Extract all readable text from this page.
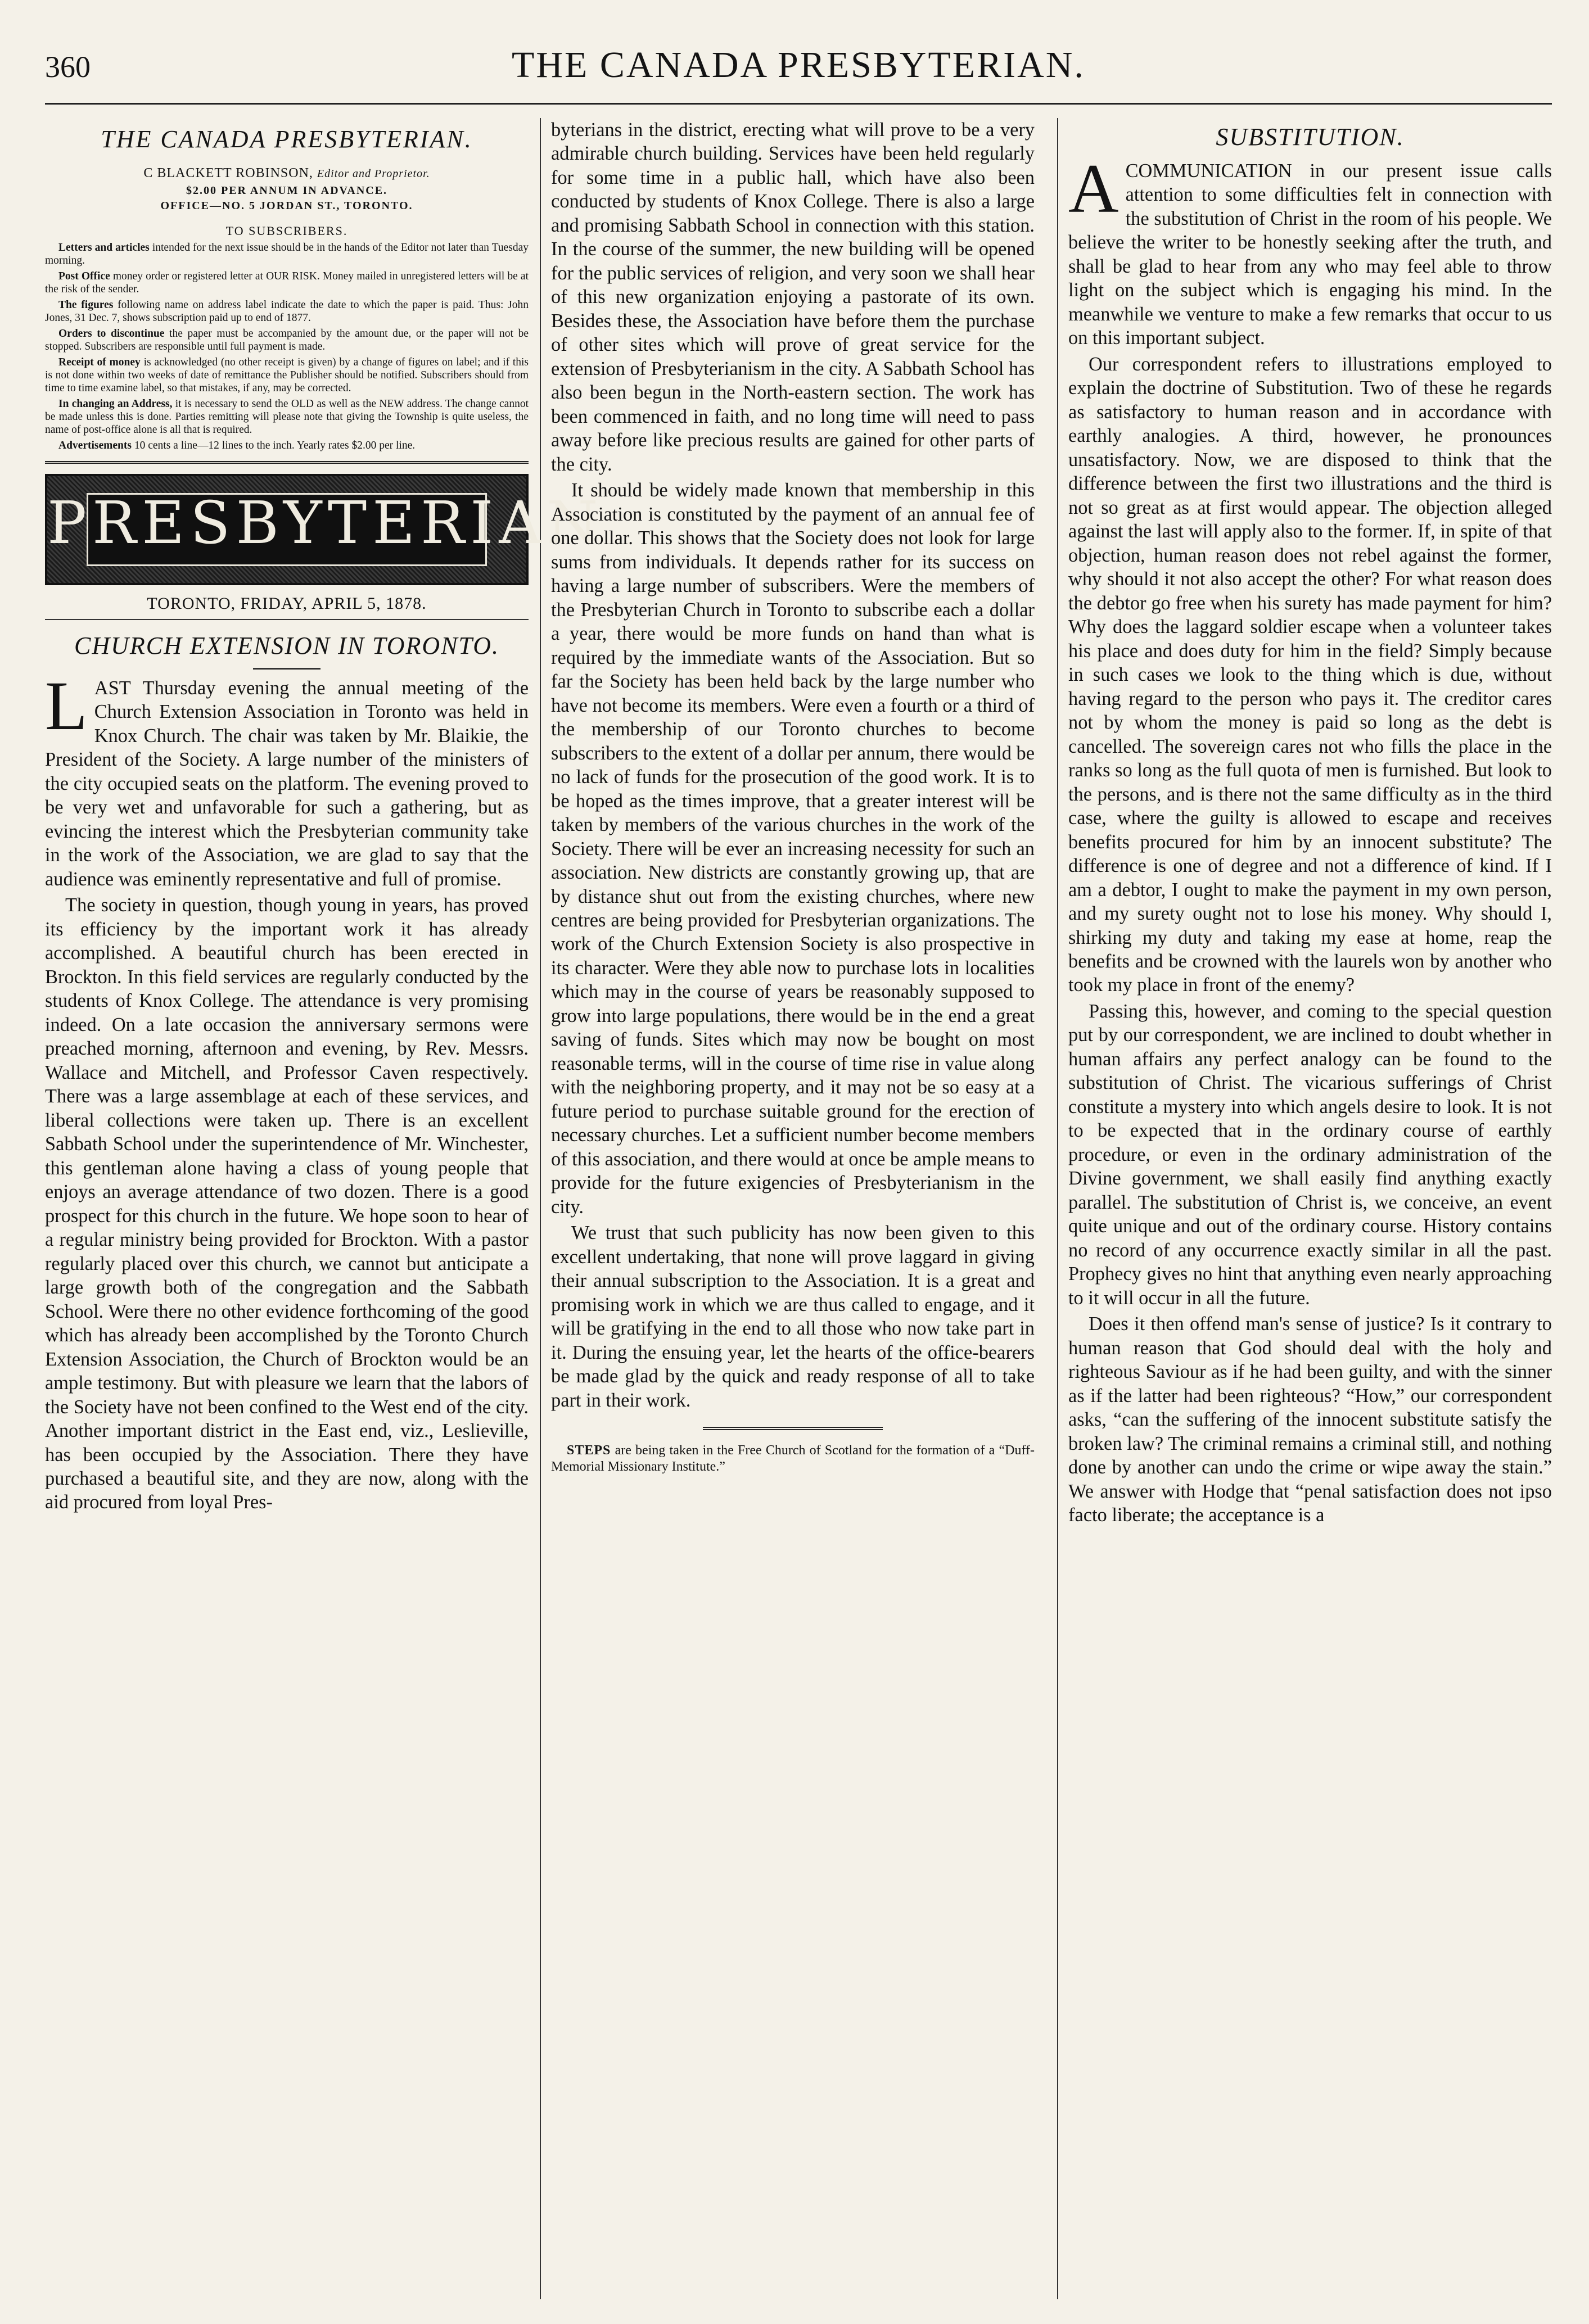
360	THE CANADA PRESBYTERIAN.
THE CANADA PRESBYTERIAN.
C BLACKETT ROBINSON, Editor and Proprietor.
$2.00 PER ANNUM IN ADVANCE.
OFFICE—NO. 5 JORDAN ST., TORONTO.
TO SUBSCRIBERS.

Letters and articles intended for the next issue should be in the hands of the Editor not later than Tuesday morning.

Post Office money order or registered letter at OUR RISK. Money mailed in unregistered letters will be at the risk of the sender.

The figures following name on address label indicate the date to which the paper is paid. Thus: John Jones, 31 Dec. 7, shows subscription paid up to end of 1877.

Orders to discontinue the paper must be accompanied by the amount due, or the paper will not be stopped. Subscribers are responsible until full payment is made.

Receipt of money is acknowledged (no other receipt is given) by a change of figures on label; and if this is not done within two weeks of date of remittance the Publisher should be notified. Subscribers should from time to time examine label, so that mistakes, if any, may be corrected.

In changing an Address, it is necessary to send the OLD as well as the NEW address. The change cannot be made unless this is done. Parties remitting will please note that giving the Township is quite useless, the name of post-office alone is all that is required.

Advertisements 10 cents a line—12 lines to the inch. Yearly rates $2.00 per line.

PRESBYTERIAN
TORONTO, FRIDAY, APRIL 5, 1878.
CHURCH EXTENSION IN TORONTO.

LAST Thursday evening the annual meeting of the Church Extension Association in Toronto was held in Knox Church. The chair was taken by Mr. Blaikie, the President of the Society. A large number of the ministers of the city occupied seats on the platform. The evening proved to be very wet and unfavorable for such a gathering, but as evincing the interest which the Presbyterian community take in the work of the Association, we are glad to say that the audience was eminently representative and full of promise.

The society in question, though young in years, has proved its efficiency by the important work it has already accomplished. A beautiful church has been erected in Brockton. In this field services are regularly conducted by the students of Knox College. The attendance is very promising indeed. On a late occasion the anniversary sermons were preached morning, afternoon and evening, by Rev. Messrs. Wallace and Mitchell, and Professor Caven respectively. There was a large assemblage at each of these services, and liberal collections were taken up. There is an excellent Sabbath School under the superintendence of Mr. Winchester, this gentleman alone having a class of young people that enjoys an average attendance of two dozen. There is a good prospect for this church in the future. We hope soon to hear of a regular ministry being provided for Brockton. With a pastor regularly placed over this church, we cannot but anticipate a large growth both of the congregation and the Sabbath School. Were there no other evidence forthcoming of the good which has already been accomplished by the Toronto Church Extension Association, the Church of Brockton would be an ample testimony. But with pleasure we learn that the labors of the Society have not been confined to the West end of the city. Another important district in the East end, viz., Leslieville, has been occupied by the Association. There they have purchased a beautiful site, and they are now, along with the aid procured from loyal Pres-

byterians in the district, erecting what will prove to be a very admirable church building. Services have been held regularly for some time in a public hall, which have also been conducted by students of Knox College. There is also a large and promising Sabbath School in connection with this station. In the course of the summer, the new building will be opened for the public services of religion, and very soon we shall hear of this new organization enjoying a pastorate of its own. Besides these, the Association have before them the purchase of other sites which will prove of great service for the extension of Presbyterianism in the city. A Sabbath School has also been begun in the North-eastern section. The work has been commenced in faith, and no long time will need to pass away before like precious results are gained for other parts of the city.

It should be widely made known that membership in this Association is constituted by the payment of an annual fee of one dollar. This shows that the Society does not look for large sums from individuals. It depends rather for its success on having a large number of subscribers. Were the members of the Presbyterian Church in Toronto to subscribe each a dollar a year, there would be more funds on hand than what is required by the immediate wants of the Association. But so far the Society has been held back by the large number who have not become its members. Were even a fourth or a third of the membership of our Toronto churches to become subscribers to the extent of a dollar per annum, there would be no lack of funds for the prosecution of the good work. It is to be hoped as the times improve, that a greater interest will be taken by members of the various churches in the work of the Society. There will be ever an increasing necessity for such an association. New districts are constantly growing up, that are by distance shut out from the existing churches, where new centres are being provided for Presbyterian organizations. The work of the Church Extension Society is also prospective in its character. Were they able now to purchase lots in localities which may in the course of years be reasonably supposed to grow into large populations, there would be in the end a great saving of funds. Sites which may now be bought on most reasonable terms, will in the course of time rise in value along with the neighboring property, and it may not be so easy at a future period to purchase suitable ground for the erection of necessary churches. Let a sufficient number become members of this association, and there would at once be ample means to provide for the future exigencies of Presbyterianism in the city.

We trust that such publicity has now been given to this excellent undertaking, that none will prove laggard in giving their annual subscription to the Association. It is a great and promising work in which we are thus called to engage, and it will be gratifying in the end to all those who now take part in it. During the ensuing year, let the hearts of the office-bearers be made glad by the quick and ready response of all to take part in their work.

STEPS are being taken in the Free Church of Scotland for the formation of a “Duff-Memorial Missionary Institute.”

SUBSTITUTION.

ACOMMUNICATION in our present issue calls attention to some difficulties felt in connection with the substitution of Christ in the room of his people. We believe the writer to be honestly seeking after the truth, and shall be glad to hear from any who may feel able to throw light on the subject which is engaging his mind. In the meanwhile we venture to make a few remarks that occur to us on this important subject.

Our correspondent refers to illustrations employed to explain the doctrine of Substitution. Two of these he regards as satisfactory to human reason and in accordance with earthly analogies. A third, however, he pronounces unsatisfactory. Now, we are disposed to think that the difference between the first two illustrations and the third is not so great as at first would appear. The objection alleged against the last will apply also to the former. If, in spite of that objection, human reason does not rebel against the former, why should it not also accept the other? For what reason does the debtor go free when his surety has made payment for him? Why does the laggard soldier escape when a volunteer takes his place and does duty for him in the field? Simply because in such cases we look to the thing which is due, without having regard to the person who pays it. The creditor cares not by whom the money is paid so long as the debt is cancelled. The sovereign cares not who fills the place in the ranks so long as the full quota of men is furnished. But look to the persons, and is there not the same difficulty as in the third case, where the guilty is allowed to escape and receives benefits procured for him by an innocent substitute? The difference is one of degree and not a difference of kind. If I am a debtor, I ought to make the payment in my own person, and my surety ought not to lose his money. Why should I, shirking my duty and taking my ease at home, reap the benefits and be crowned with the laurels won by another who took my place in front of the enemy?

Passing this, however, and coming to the special question put by our correspondent, we are inclined to doubt whether in human affairs any perfect analogy can be found to the substitution of Christ. The vicarious sufferings of Christ constitute a mystery into which angels desire to look. It is not to be expected that in the ordinary course of earthly procedure, or even in the ordinary administration of the Divine government, we shall easily find anything exactly parallel. The substitution of Christ is, we conceive, an event quite unique and out of the ordinary course. History contains no record of any occurrence exactly similar in all the past. Prophecy gives no hint that anything even nearly approaching to it will occur in all the future.

Does it then offend man's sense of justice? Is it contrary to human reason that God should deal with the holy and righteous Saviour as if he had been guilty, and with the sinner as if the latter had been righteous? “How,” our correspondent asks, “can the suffering of the innocent substitute satisfy the broken law? The criminal remains a criminal still, and nothing done by another can undo the crime or wipe away the stain.” We answer with Hodge that “penal satisfaction does not ipso facto liberate; the acceptance is a
